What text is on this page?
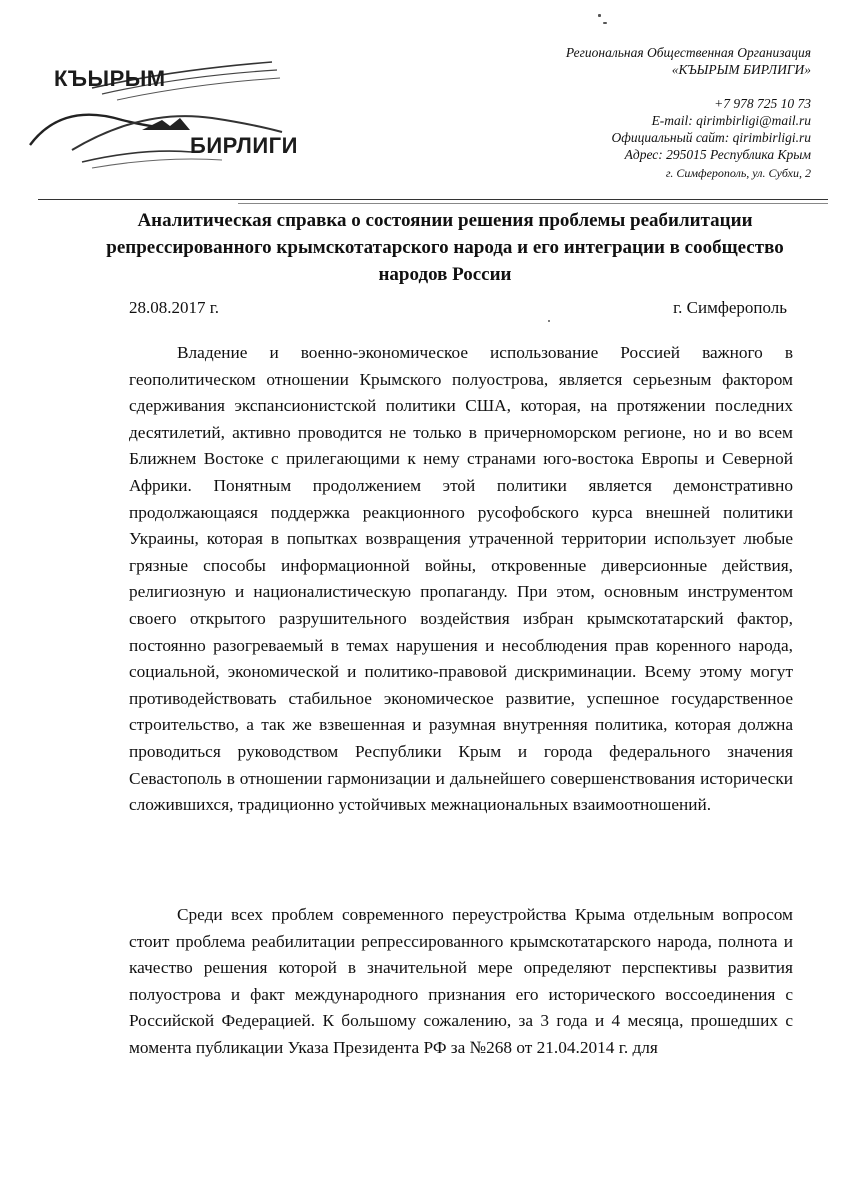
КЪЫРЫМ
БИРЛИГИ
Региональная Общественная Организация
«КЪЫРЫМ БИРЛИГИ»
+7 978 725 10 73
E-mail: qirimbirligi@mail.ru
Официальный сайт: qirimbirligi.ru
Адрес: 295015 Республика Крым
г. Симферополь, ул. Субхи, 2
Аналитическая справка о состоянии решения проблемы реабилитации репрессированного крымскотатарского народа и его интеграции в сообщество народов России
28.08.2017 г.	г. Симферополь
Владение и военно-экономическое использование Россией важного в геополитическом отношении Крымского полуострова, является серьезным фактором сдерживания экспансионистской политики США, которая, на протяжении последних десятилетий, активно проводится не только в причерноморском регионе, но и во всем Ближнем Востоке с прилегающими к нему странами юго-востока Европы и Северной Африки. Понятным продолжением этой политики является демонстративно продолжающаяся поддержка реакционного русофобского курса внешней политики Украины, которая в попытках возвращения утраченной территории использует любые грязные способы информационной войны, откровенные диверсионные действия, религиозную и националистическую пропаганду. При этом, основным инструментом своего открытого разрушительного воздействия избран крымскотатарский фактор, постоянно разогреваемый в темах нарушения и несоблюдения прав коренного народа, социальной, экономической и политико-правовой дискриминации. Всему этому могут противодействовать стабильное экономическое развитие, успешное государственное строительство, а так же взвешенная и разумная внутренняя политика, которая должна проводиться руководством Республики Крым и города федерального значения Севастополь в отношении гармонизации и дальнейшего совершенствования исторически сложившихся, традиционно устойчивых межнациональных взаимоотношений.
Среди всех проблем современного переустройства Крыма отдельным вопросом стоит проблема реабилитации репрессированного крымскотатарского народа, полнота и качество решения которой в значительной мере определяют перспективы развития полуострова и факт международного признания его исторического воссоединения с Российской Федерацией. К большому сожалению, за 3 года и 4 месяца, прошедших с момента публикации Указа Президента РФ за №268 от 21.04.2014 г. для
